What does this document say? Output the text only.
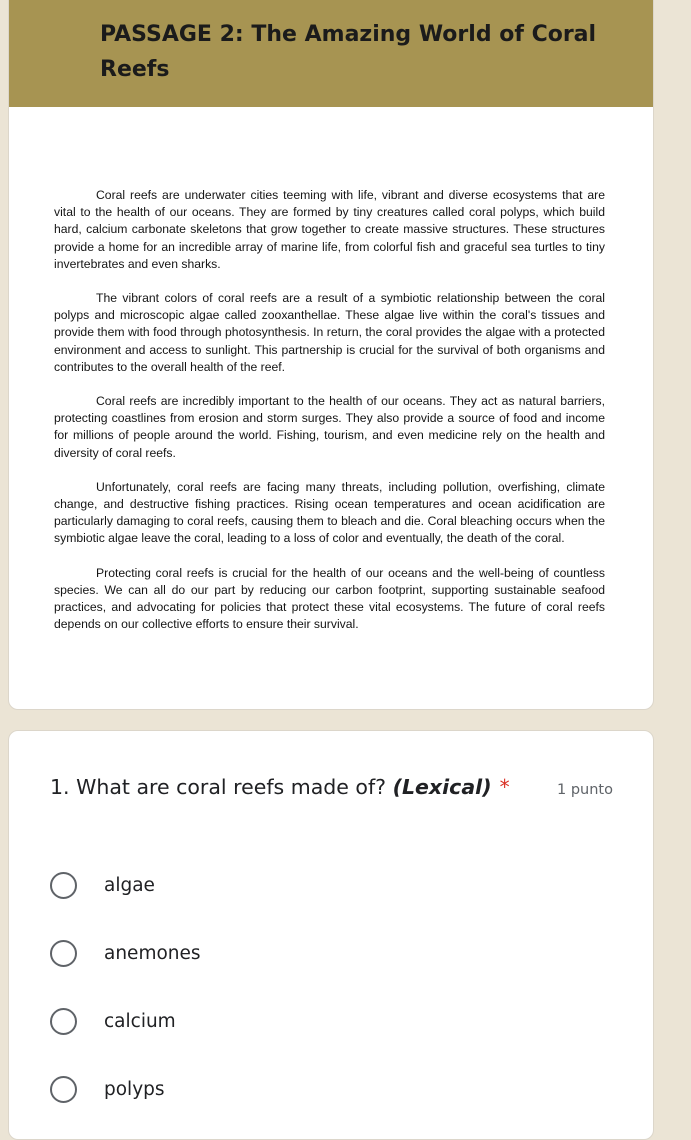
PASSAGE 2: The Amazing World of Coral Reefs

Coral reefs are underwater cities teeming with life, vibrant and diverse ecosystems that are vital to the health of our oceans. They are formed by tiny creatures called coral polyps, which build hard, calcium carbonate skeletons that grow together to create massive structures. These structures provide a home for an incredible array of marine life, from colorful fish and graceful sea turtles to tiny invertebrates and even sharks.

The vibrant colors of coral reefs are a result of a symbiotic relationship between the coral polyps and microscopic algae called zooxanthellae. These algae live within the coral's tissues and provide them with food through photosynthesis. In return, the coral provides the algae with a protected environment and access to sunlight. This partnership is crucial for the survival of both organisms and contributes to the overall health of the reef.

Coral reefs are incredibly important to the health of our oceans. They act as natural barriers, protecting coastlines from erosion and storm surges. They also provide a source of food and income for millions of people around the world. Fishing, tourism, and even medicine rely on the health and diversity of coral reefs.

Unfortunately, coral reefs are facing many threats, including pollution, overfishing, climate change, and destructive fishing practices. Rising ocean temperatures and ocean acidification are particularly damaging to coral reefs, causing them to bleach and die. Coral bleaching occurs when the symbiotic algae leave the coral, leading to a loss of color and eventually, the death of the coral.

Protecting coral reefs is crucial for the health of our oceans and the well-being of countless species. We can all do our part by reducing our carbon footprint, supporting sustainable seafood practices, and advocating for policies that protect these vital ecosystems. The future of coral reefs depends on our collective efforts to ensure their survival.

1. What are coral reefs made of? (Lexical) *	1 punto
algae
anemones
calcium
polyps
